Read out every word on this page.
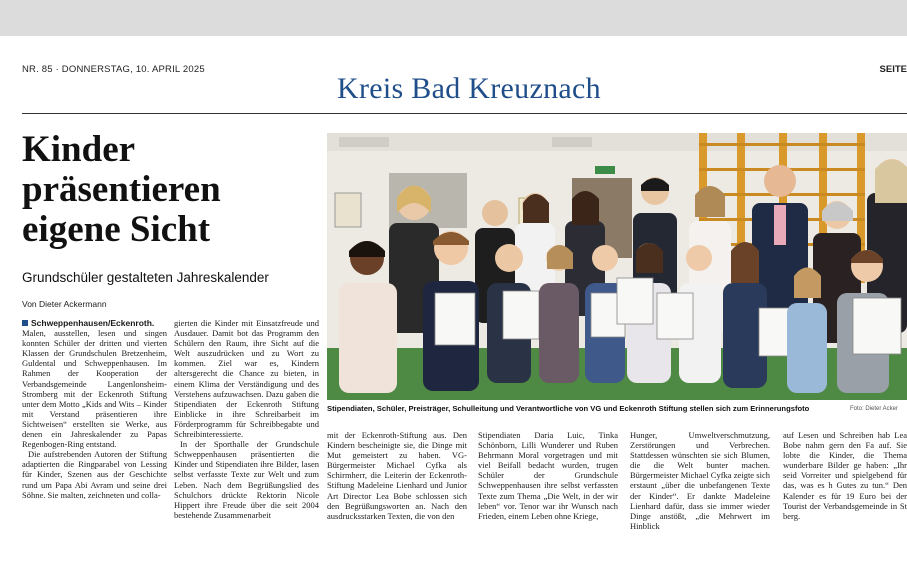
NR. 85 · DONNERSTAG, 10. APRIL 2025	SEITE
Kreis Bad Kreuznach
Kinder präsentieren eigene Sicht
Grundschüler gestalteten Jahreskalender
Von Dieter Ackermann

Schweppenhausen/Eckenroth.
Malen, ausstellen, lesen und singen konnten Schüler der dritten und vierten Klassen der Grundschulen Bretzenheim, Guldental und Schweppenhausen. Im Rahmen der Kooperation der Verbandsgemeinde Langenlonsheim-Stromberg mit der Eckenroth Stiftung unter dem Motto „Kids and Wits – Kinder mit Verstand präsentieren ihre Sichtweisen“ erstellten sie Werke, aus denen ein Jahreskalender zu Papas Regenbogen-Ring entstand.

Die aufstrebenden Autoren der Stiftung adaptierten die Ringparabel von Lessing für Kinder, Szenen aus der Geschichte rund um Papa Abi Avram und seine drei Söhne. Sie malten, zeichneten und colla-

gierten die Kinder mit Einsatzfreude und Ausdauer. Damit bot das Programm den Schülern den Raum, ihre Sicht auf die Welt auszudrücken und zu Wort zu kommen. Ziel war es, Kindern altersgerecht die Chance zu bieten, in einem Klima der Verständigung und des Verstehens aufzuwachsen. Dazu gaben die Stipendiaten der Eckenroth Stiftung Einblicke in ihre Schreibarbeit im Förderprogramm für Schreibbegabte und Schreibinteressierte.

In der Sporthalle der Grundschule Schweppenhausen präsentierten die Kinder und Stipendiaten ihre Bilder, lasen selbst verfasste Texte zur Welt und zum Leben. Nach dem Begrüßungslied des Schulchors drückte Rektorin Nicole Hippert ihre Freude über die seit 2004 bestehende Zusammenarbeit

Stipendiaten, Schüler, Preisträger, Schulleitung und Verantwortliche von VG und Eckenroth Stiftung stellen sich zum Erinnerungsfoto	Foto: Dieter Acker
mit der Eckenroth-Stiftung aus. Den Kindern bescheinigte sie, die Dinge mit Mut gemeistert zu haben. VG-Bürgermeister Michael Cyfka als Schirmherr, die Leiterin der Eckenroth-Stiftung Madeleine Lienhard und Junior Art Director Lea Bobe schlossen sich den Begrüßungsworten an. Nach den ausdrucksstarken Texten, die von den
Stipendiaten Daria Luic, Tinka Schönborn, Lilli Wunderer und Ruben Behrmann Moral vorgetragen und mit viel Beifall bedacht wurden, trugen Schüler der Grundschule Schweppenhausen ihre selbst verfassten Texte zum Thema „Die Welt, in der wir leben“ vor. Tenor war ihr Wunsch nach Frieden, einem Leben ohne Kriege,
Hunger, Umweltverschmutzung, Zerstörungen und Verbrechen. Stattdessen wünschten sie sich Blumen, die die Welt bunter machen. Bürgermeister Michael Cyfka zeigte sich erstaunt „über die unbefangenen Texte der Kinder“. Er dankte Madeleine Lienhard dafür, dass sie immer wieder Dinge anstößt, „die Mehrwert im Hinblick
auf Lesen und Schreiben hab Lea Bobe nahm gern den Fa auf. Sie lobte die Kinder, die Thema wunderbare Bilder ge haben: „Ihr seid Vorreiter und spielgebend für das, was es h Gutes zu tun.“ Den Kalender es für 19 Euro bei der Tourist der Verbandsgemeinde in St berg.
